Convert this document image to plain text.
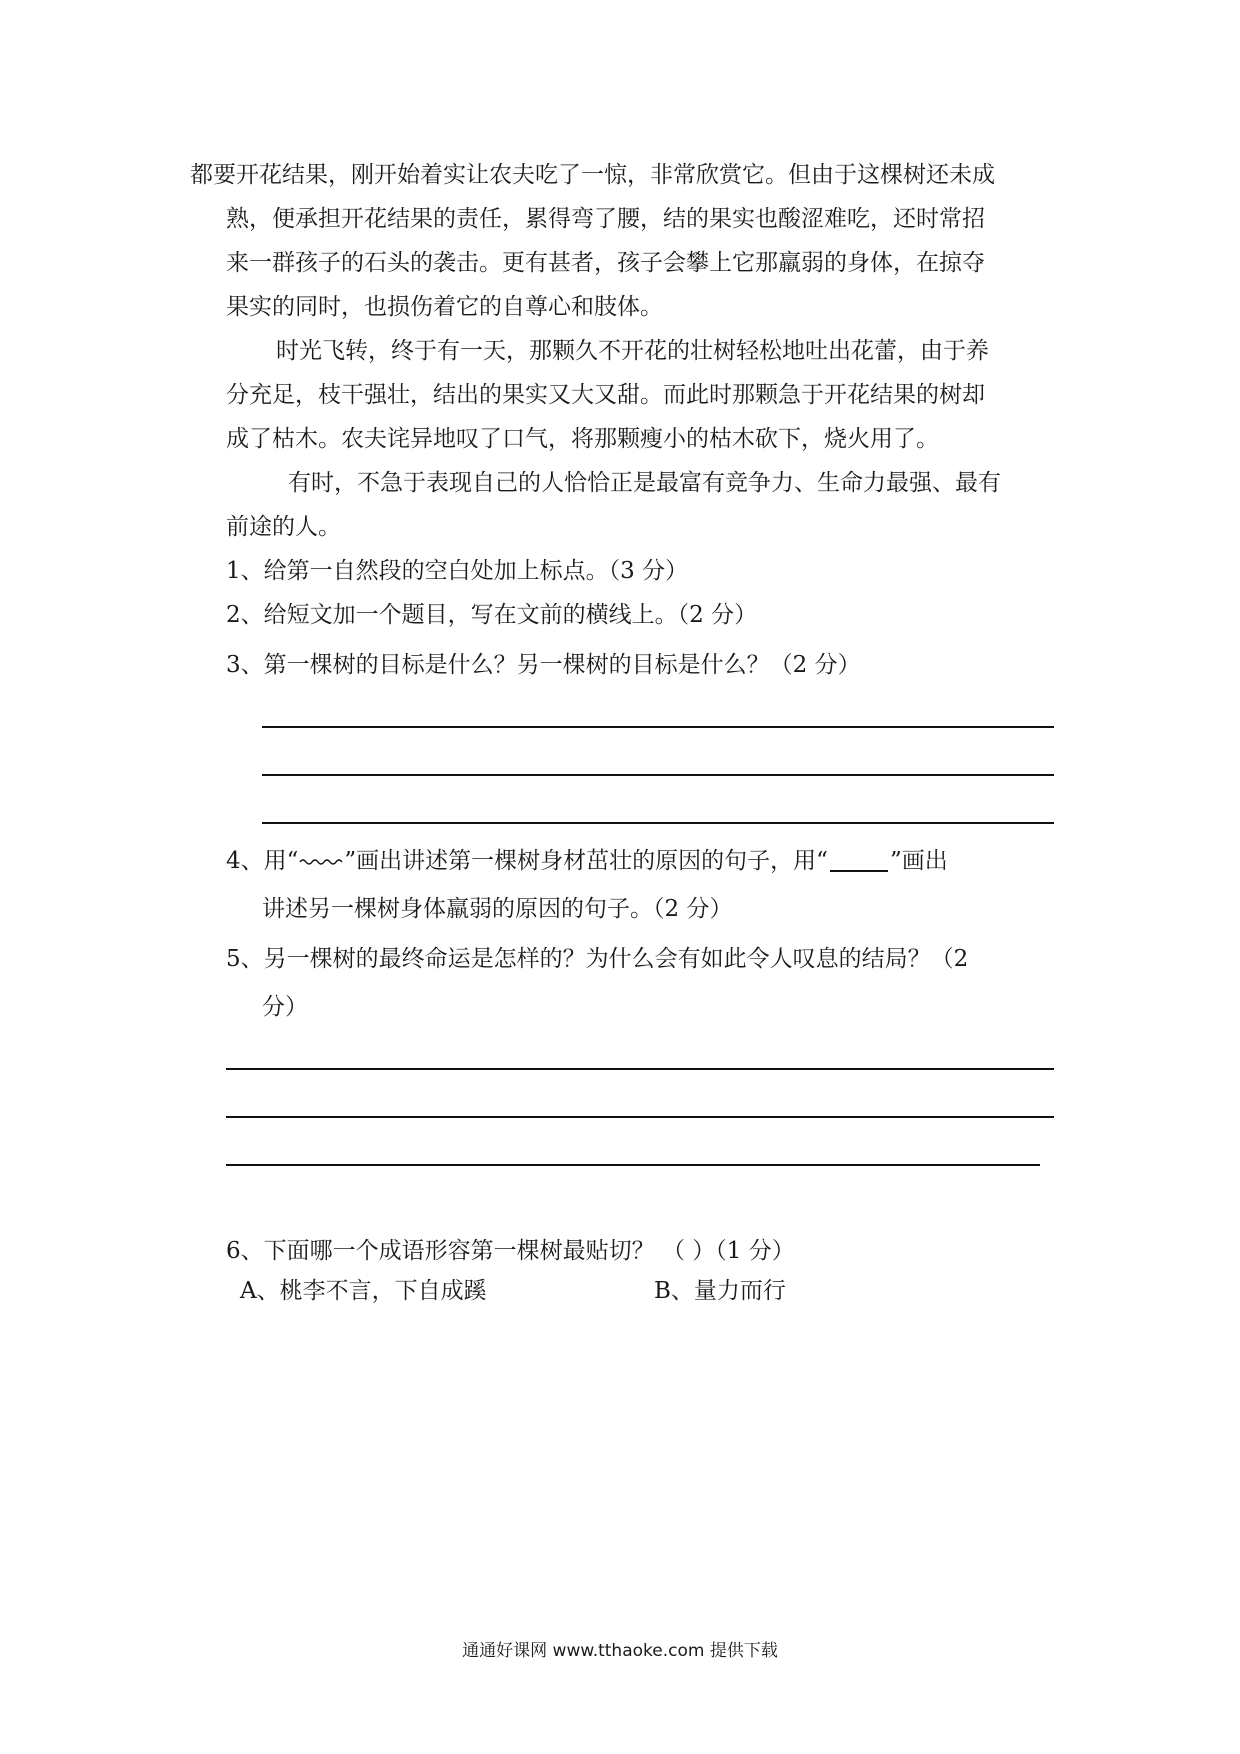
都要开花结果，刚开始着实让农夫吃了一惊，非常欣赏它。但由于这棵树还未成
熟，便承担开花结果的责任，累得弯了腰，结的果实也酸涩难吃，还时常招
来一群孩子的石头的袭击。更有甚者，孩子会攀上它那羸弱的身体，在掠夺
果实的同时，也损伤着它的自尊心和肢体。
时光飞转，终于有一天，那颗久不开花的壮树轻松地吐出花蕾，由于养
分充足，枝干强壮，结出的果实又大又甜。而此时那颗急于开花结果的树却
成了枯木。农夫诧异地叹了口气，将那颗瘦小的枯木砍下，烧火用了。
有时，不急于表现自己的人恰恰正是最富有竞争力、生命力最强、最有
前途的人。
1、给第一自然段的空白处加上标点。（3 分）
2、给短文加一个题目，写在文前的横线上。（2 分）
3、第一棵树的目标是什么？另一棵树的目标是什么？（2 分）
4、用“ ”画出讲述第一棵树身材茁壮的原因的句子，用“	”画出
讲述另一棵树身体羸弱的原因的句子。（2 分）
5、另一棵树的最终命运是怎样的？为什么会有如此令人叹息的结局？（2
分）
6、下面哪一个成语形容第一棵树最贴切？ （ ）（1 分）
A、桃李不言，下自成蹊	B、量力而行
通通好课网 www.tthaoke.com 提供下载
